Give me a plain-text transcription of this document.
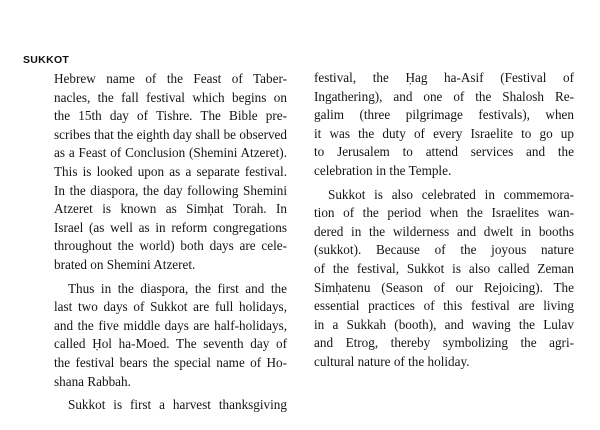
SUKKOT
Hebrew name of the Feast of Taber-
nacles, the fall festival which begins on
the 15th day of Tishre. The Bible pre-
scribes that the eighth day shall be observed
as a Feast of Conclusion (Shemini Atzeret).
This is looked upon as a separate festival.
In the diaspora, the day following Shemini
Atzeret is known as Simḥat Torah. In
Israel (as well as in reform congregations
throughout the world) both days are cele-
brated on Shemini Atzeret.
Thus in the diaspora, the first and the
last two days of Sukkot are full holidays,
and the five middle days are half-holidays,
called Ḥol ha-Moed. The seventh day of
the festival bears the special name of Ho-
shana Rabbah.
Sukkot is first a harvest thanksgiving
festival, the Ḥag ha-Asif (Festival of
Ingathering), and one of the Shalosh Re-
galim (three pilgrimage festivals), when
it was the duty of every Israelite to go up
to Jerusalem to attend services and the
celebration in the Temple.
Sukkot is also celebrated in commemora-
tion of the period when the Israelites wan-
dered in the wilderness and dwelt in booths
(sukkot). Because of the joyous nature
of the festival, Sukkot is also called Zeman
Simḥatenu (Season of our Rejoicing). The
essential practices of this festival are living
in a Sukkah (booth), and waving the Lulav
and Etrog, thereby symbolizing the agri-
cultural nature of the holiday.
